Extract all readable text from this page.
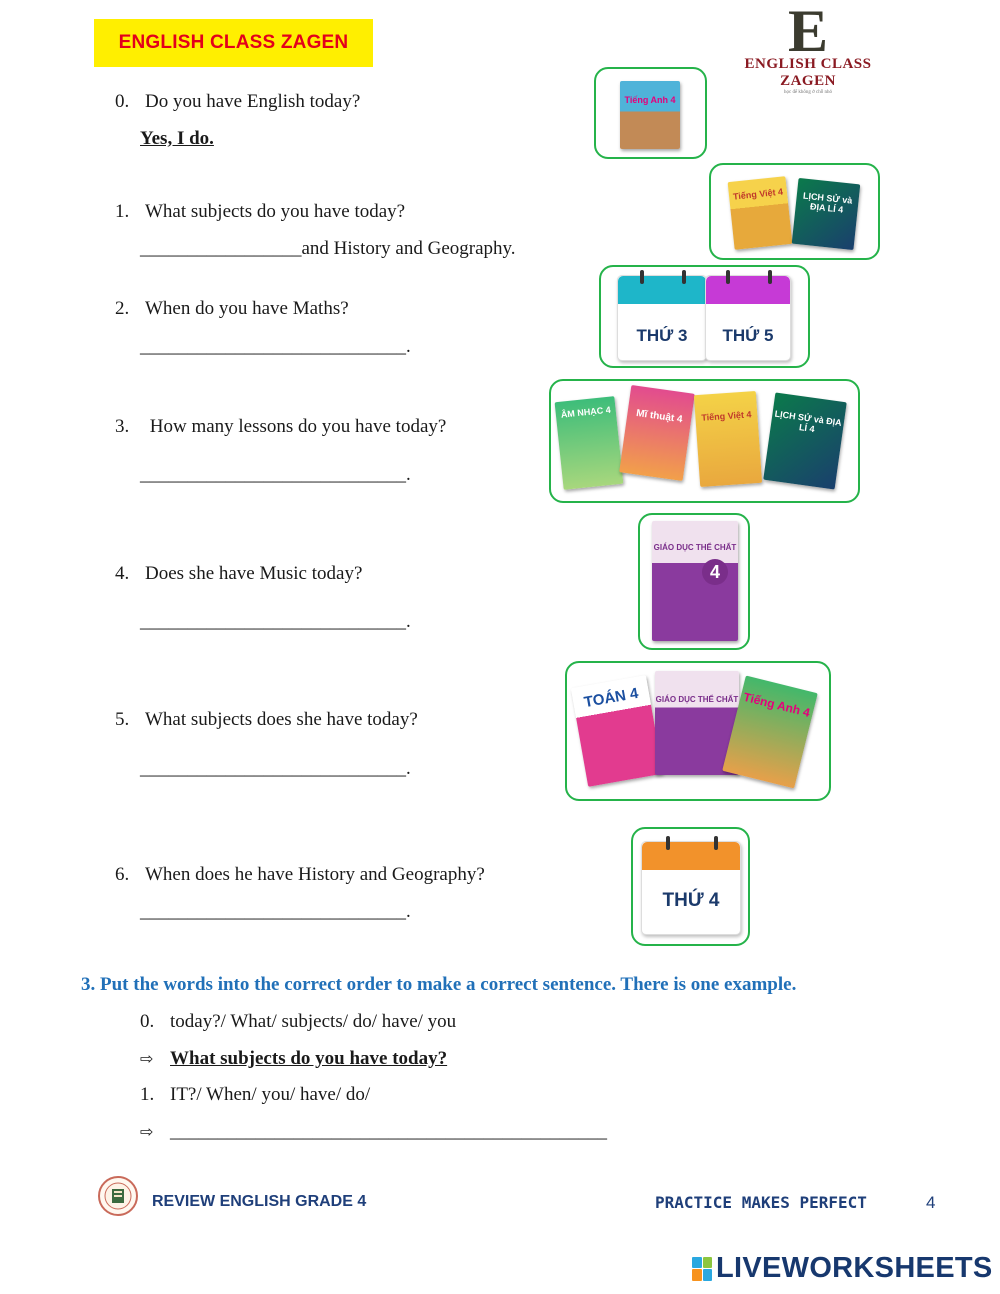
ENGLISH CLASS ZAGEN	E
ENGLISH CLASS ZAGEN
học để không ở chỗ nhỏ
0. Do you have English today?
Yes, I do.
1. What subjects do you have today?
_________________and History and Geography.
2. When do you have Maths?
____________________________.
3. How many lessons do you have today?
____________________________.
4. Does she have Music today?
____________________________.
5. What subjects does she have today?
____________________________.
6. When does he have History and Geography?
____________________________.
Tiếng Anh 4
Tiếng Việt 4	LỊCH SỬ và ĐỊA LÍ 4
THỨ 3	THỨ 5
ÂM NHẠC 4	Mĩ thuật 4	Tiếng Việt 4	LỊCH SỬ và ĐỊA LÍ 4
GIÁO DỤC THỂ CHẤT
4
TOÁN 4	GIÁO DỤC THỂ CHẤT Tiếng Anh 4
THỨ 4
3. Put the words into the correct order to make a correct sentence. There is one example.
0. today?/ What/ subjects/ do/ have/ you
⇨ What subjects do you have today?
1. IT?/ When/ you/ have/ do/
⇨ ______________________________________________
REVIEW ENGLISH GRADE 4	PRACTICE MAKES PERFECT	4
LIVEWORKSHEETS
